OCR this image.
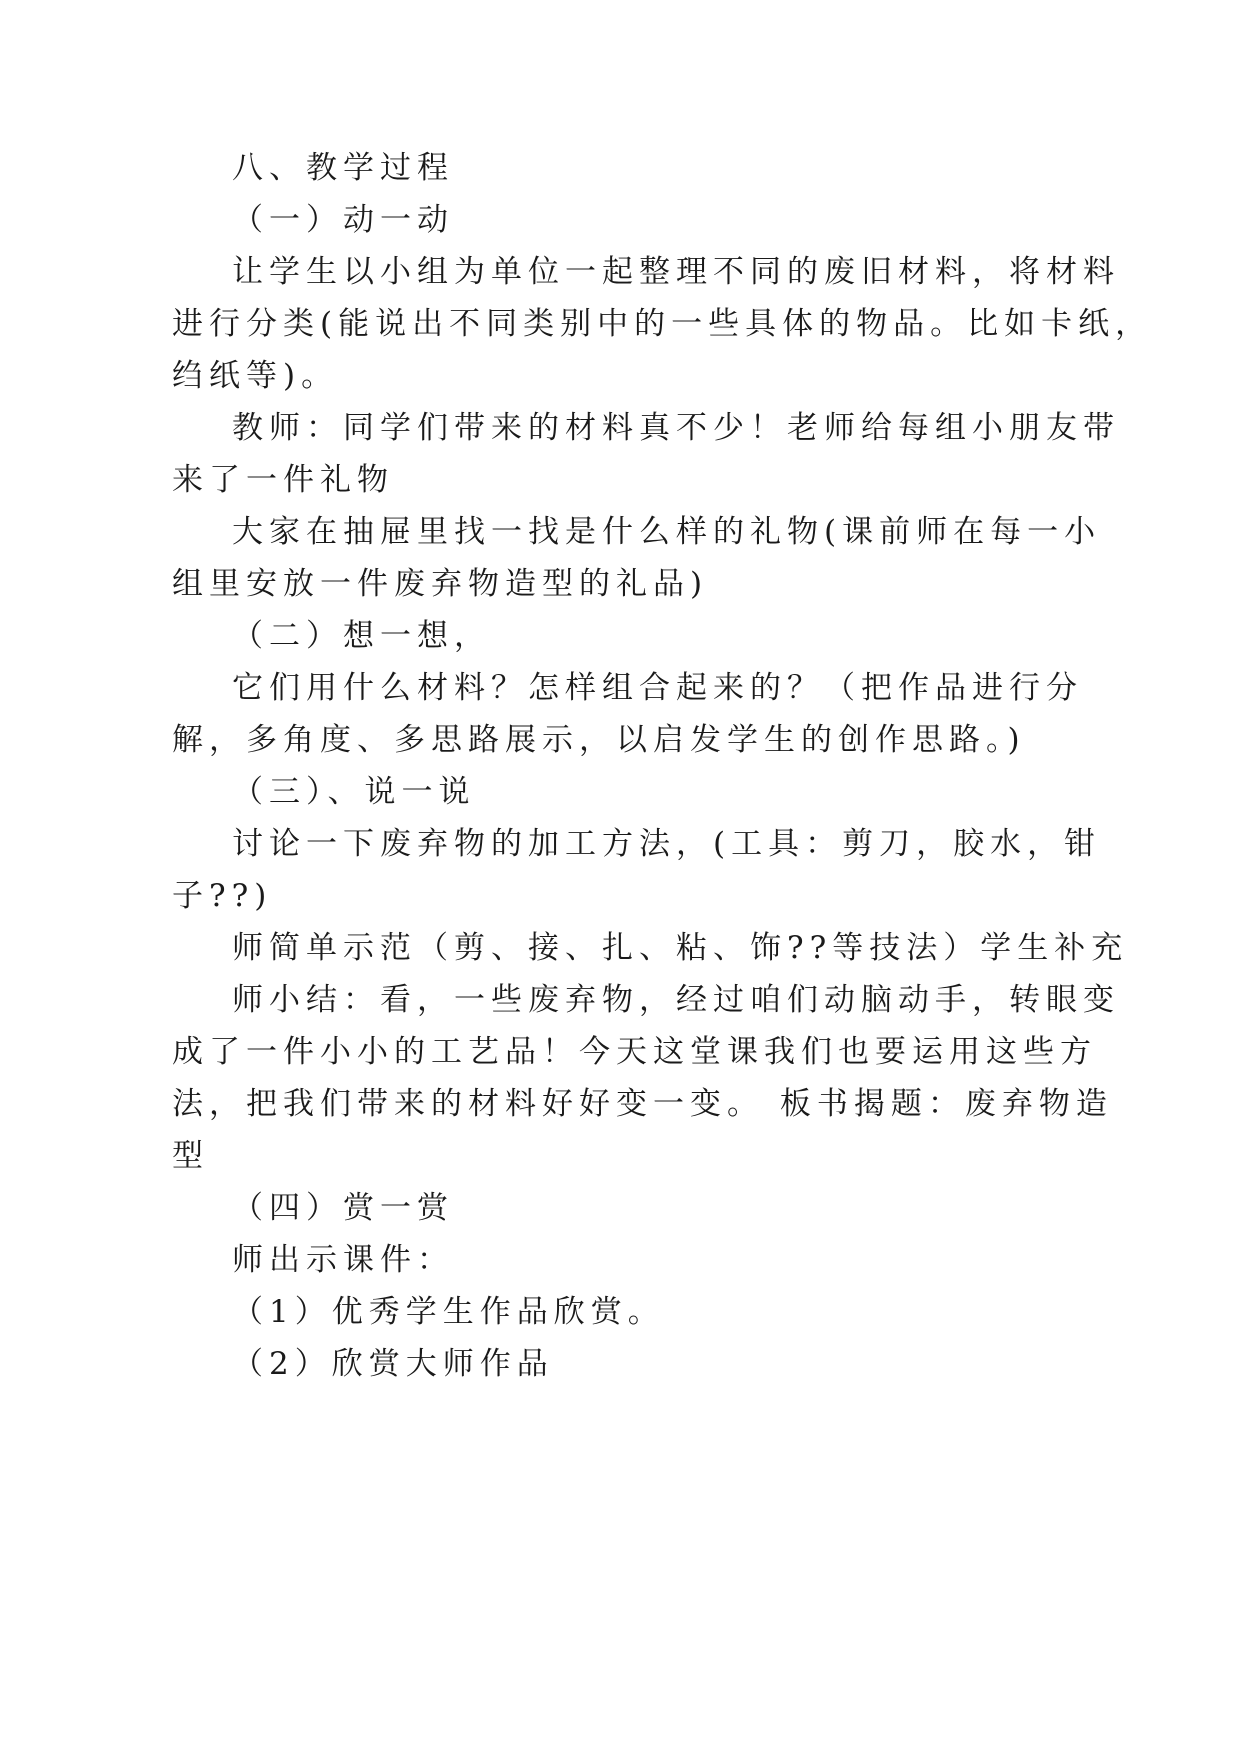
八、教学过程
（一）动一动
让学生以小组为单位一起整理不同的废旧材料，将材料
进行分类(能说出不同类别中的一些具体的物品。比如卡纸，
绉纸等)。
教师：同学们带来的材料真不少！老师给每组小朋友带
来了一件礼物
大家在抽屉里找一找是什么样的礼物(课前师在每一小
组里安放一件废弃物造型的礼品)
（二）想一想，
它们用什么材料？怎样组合起来的？（把作品进行分
解，多角度、多思路展示，以启发学生的创作思路。)
（三）、说一说
讨论一下废弃物的加工方法，(工具：剪刀，胶水，钳
子??)
师简单示范（剪、接、扎、粘、饰??等技法）学生补充
师小结：看，一些废弃物，经过咱们动脑动手，转眼变
成了一件小小的工艺品！今天这堂课我们也要运用这些方
法，把我们带来的材料好好变一变。 板书揭题：废弃物造
型
（四）赏一赏
师出示课件：
（1）优秀学生作品欣赏。
（2）欣赏大师作品
